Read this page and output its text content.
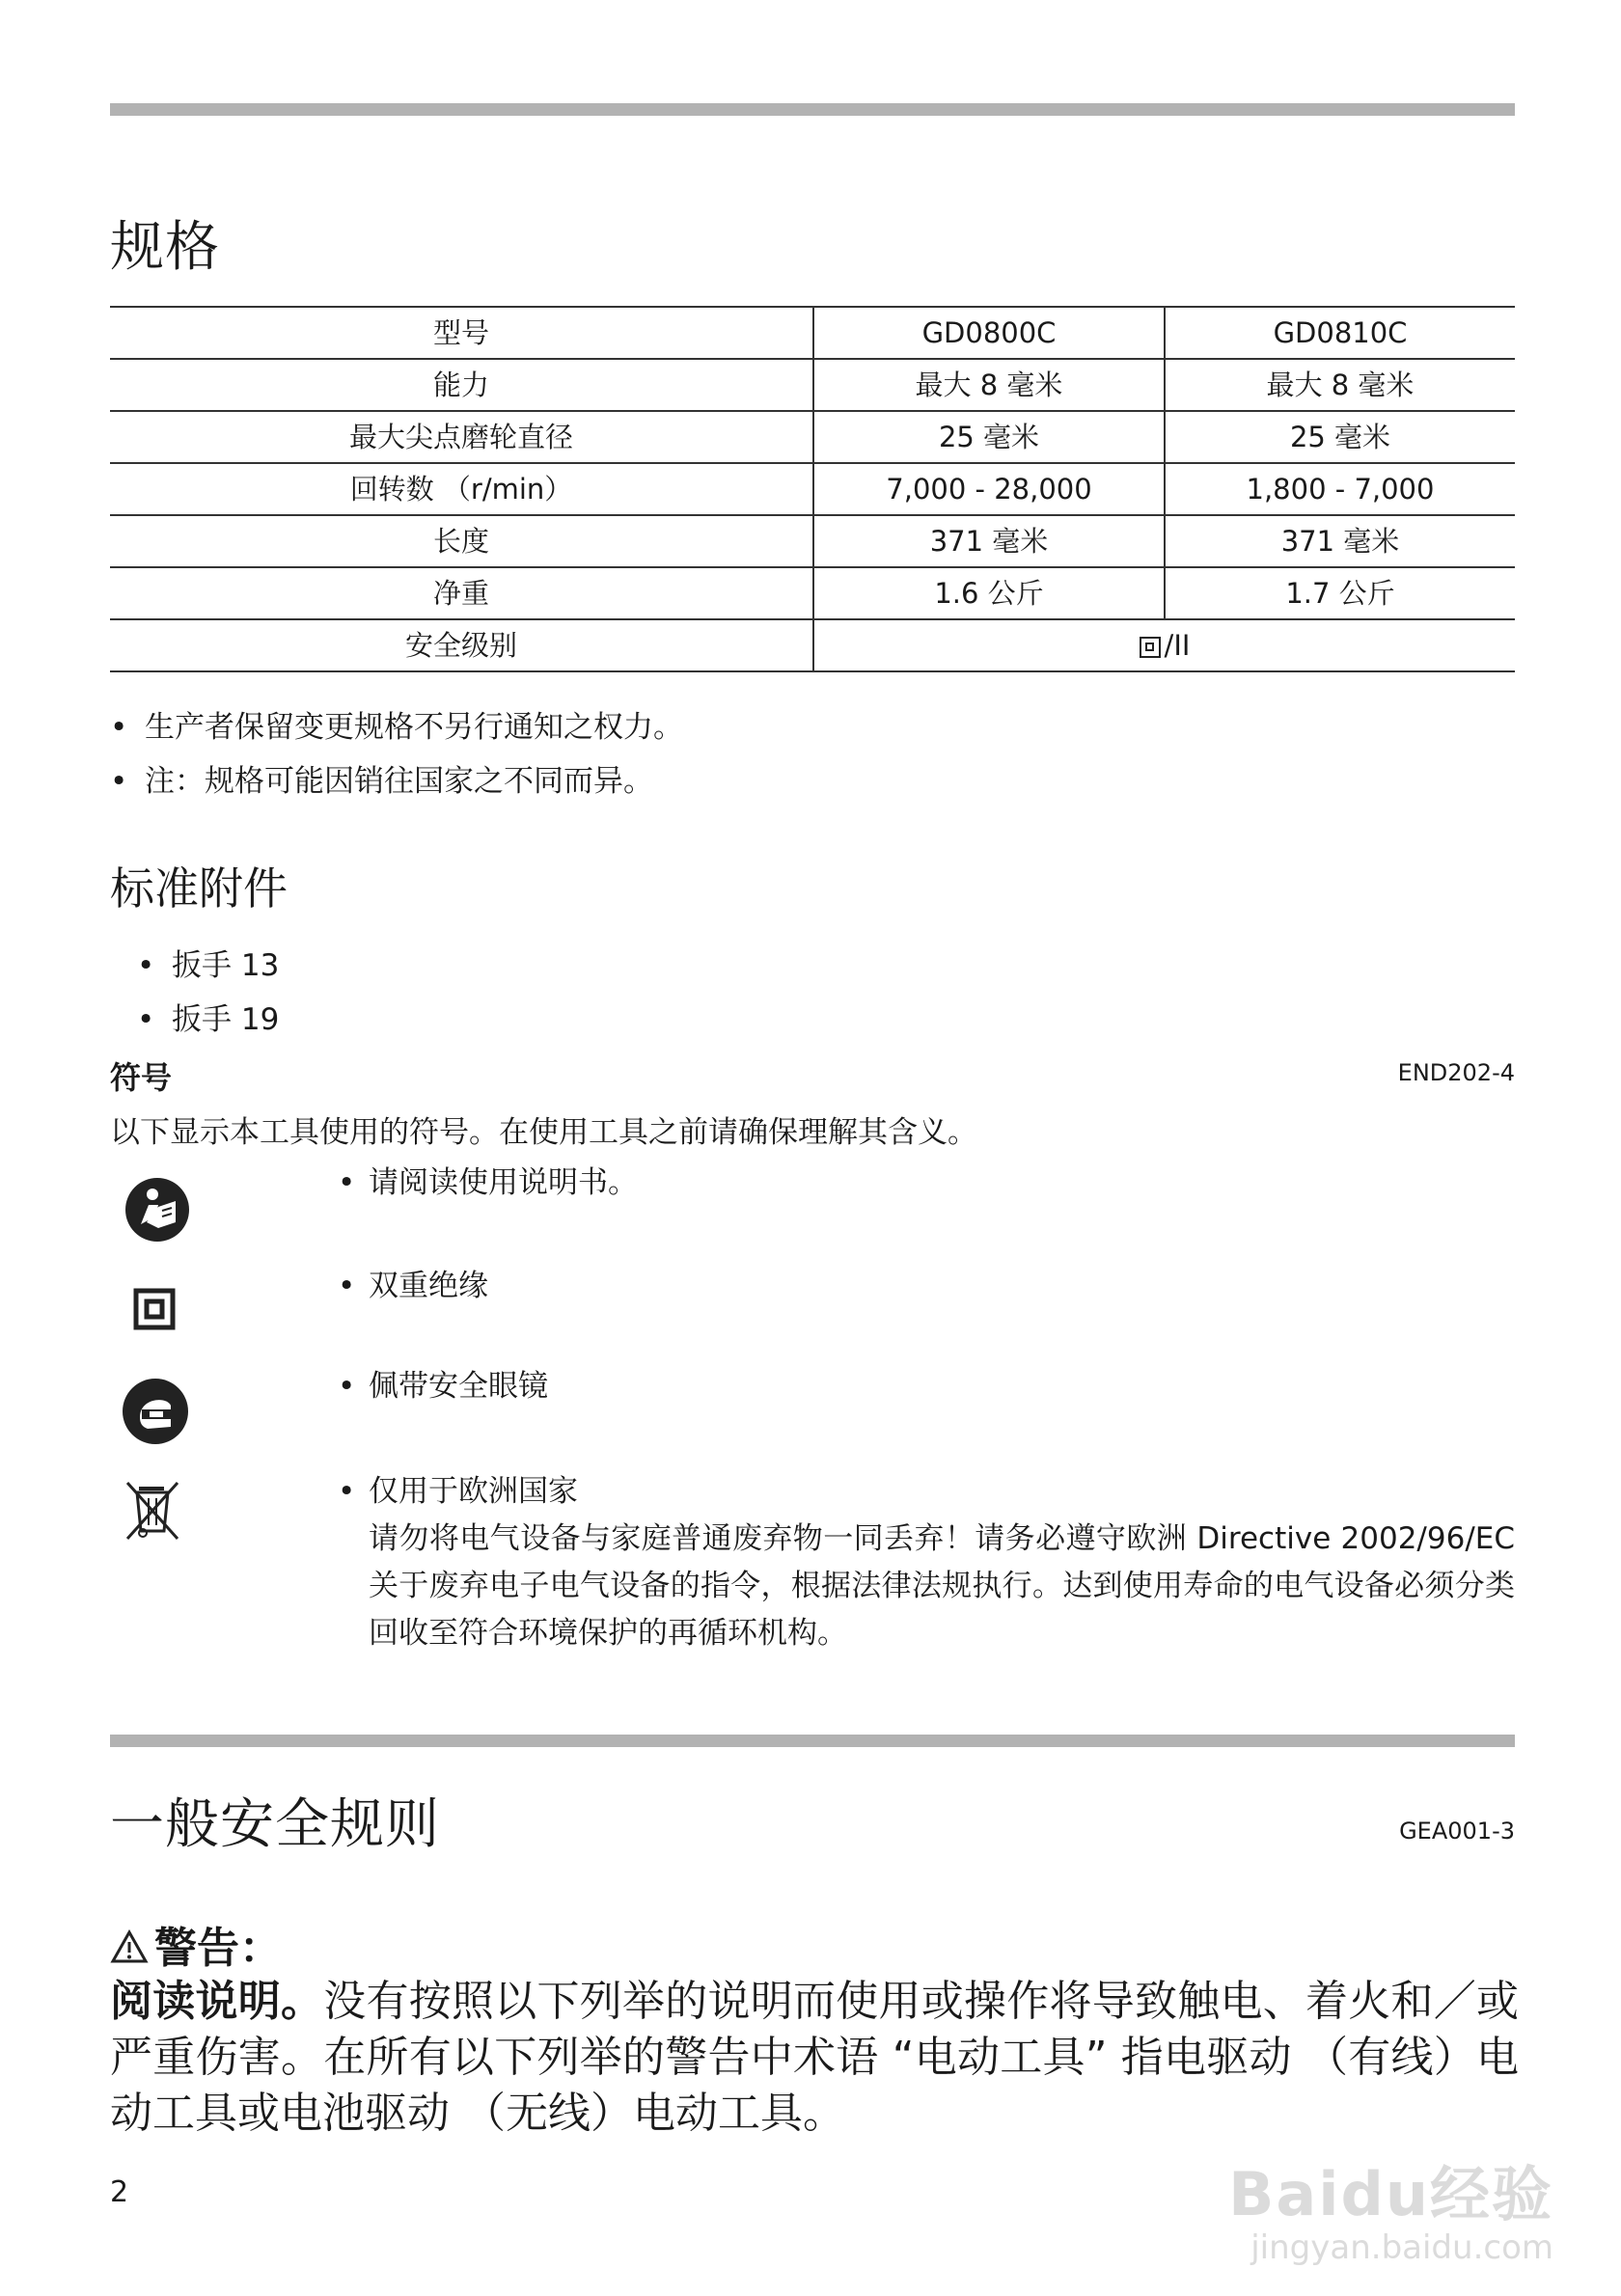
规格
型号	GD0800C	GD0810C
能力	最大 8 毫米	最大 8 毫米
最大尖点磨轮直径	25 毫米	25 毫米
回转数 （r/min）	7,000 - 28,000	1,800 - 7,000
长度	371 毫米	371 毫米
净重	1.6 公斤	1.7 公斤
安全级别	/II	
• 生产者保留变更规格不另行通知之权力。
• 注：规格可能因销往国家之不同而异。
标准附件
• 扳手 13
• 扳手 19
符号	END202-4
以下显示本工具使用的符号。在使用工具之前请确保理解其含义。
• 请阅读使用说明书。
• 双重绝缘
• 佩带安全眼镜
• 仅用于欧洲国家
请勿将电气设备与家庭普通废弃物一同丢弃！请务必遵守欧洲 Directive 2002/96/EC 关于废弃电子电气设备的指令，根据法律法规执行。达到使用寿命的电气设备必须分类回收至符合环境保护的再循环机构。
一般安全规则	GEA001-3
警告：
阅读说明。没有按照以下列举的说明而使用或操作将导致触电、着火和／或严重伤害。在所有以下列举的警告中术语 “电动工具” 指电驱动 （有线）电动工具或电池驱动 （无线）电动工具。
2	Baidu经验
jingyan.baidu.com
